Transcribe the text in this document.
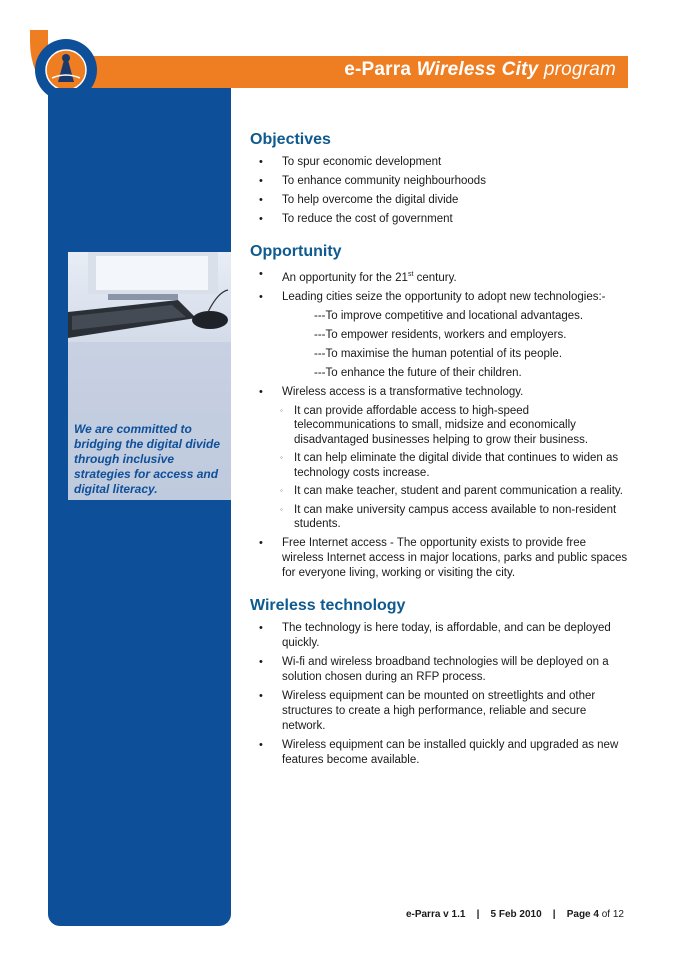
e-Parra Wireless City program
We are committed to bridging the digital divide through inclusive strategies for access and digital literacy.
Objectives
• To spur economic development
• To enhance community neighbourhoods
• To help overcome the digital divide
• To reduce the cost of government
Opportunity
• An opportunity for the 21st century.
• Leading cities seize the opportunity to adopt new technologies:-
---To improve competitive and locational advantages.
---To empower residents, workers and employers.
---To maximise the human potential of its people.
---To enhance the future of their children.
• Wireless access is a transformative technology.
◦ It can provide affordable access to high-speed telecommunications to small, midsize and economically disadvantaged businesses helping to grow their business.
◦ It can help eliminate the digital divide that continues to widen as technology costs increase.
◦ It can make teacher, student and parent communication a reality.
◦ It can make university campus access available to non-resident students.
• Free Internet access - The opportunity exists to provide free wireless Internet access in major locations, parks and public spaces for everyone living, working or visiting the city.
Wireless technology
• The technology is here today, is affordable, and can be deployed quickly.
• Wi-fi and wireless broadband technologies will be deployed on a solution chosen during an RFP process.
• Wireless equipment can be mounted on streetlights and other structures to create a high performance, reliable and secure network.
• Wireless equipment can be installed quickly and upgraded as new features become available.
e-Parra v 1.1 | 5 Feb 2010 | Page 4 of 12
